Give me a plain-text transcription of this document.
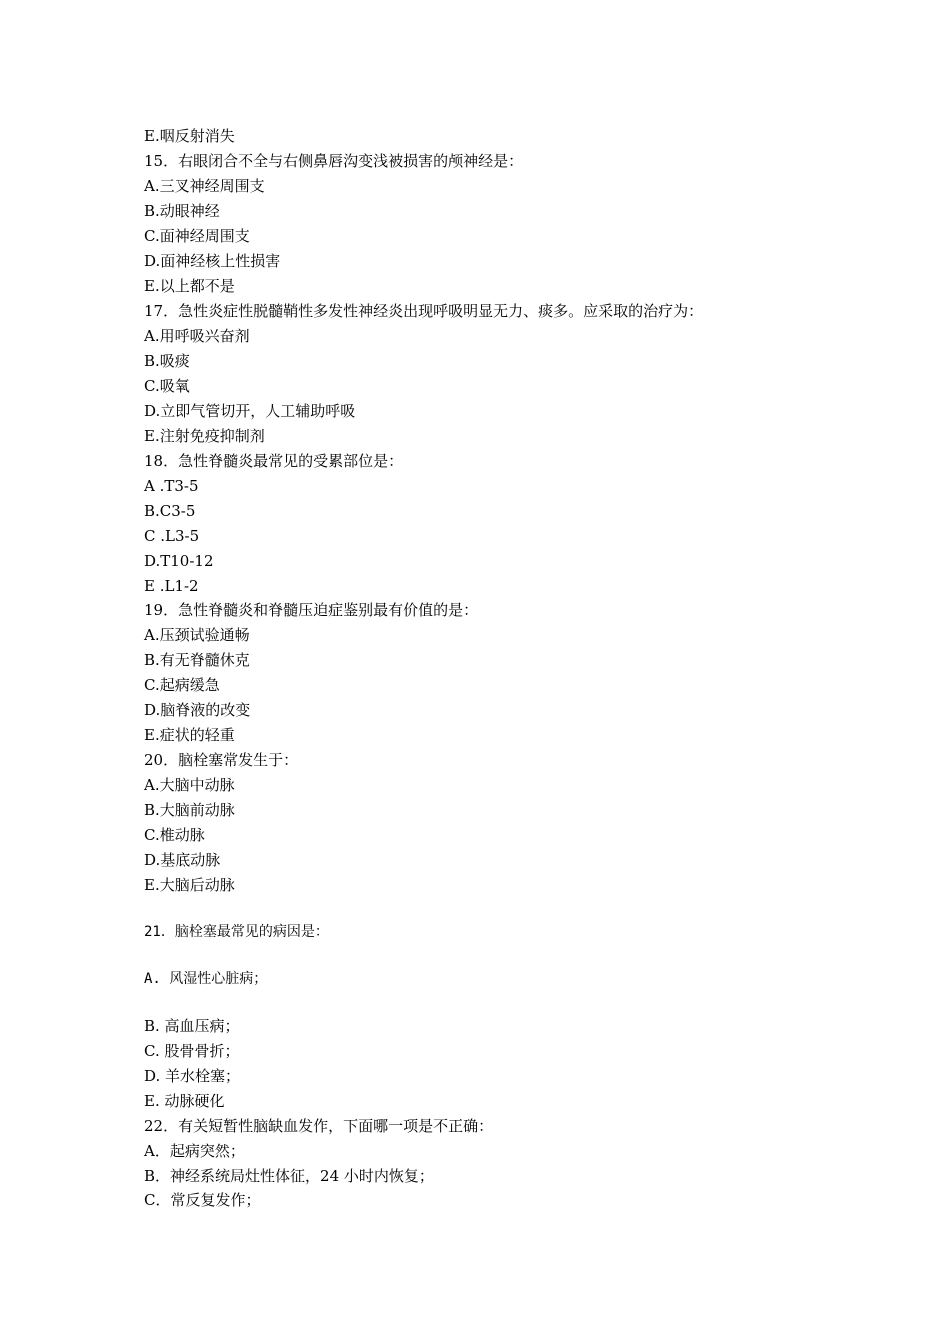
E.咽反射消失
15．右眼闭合不全与右侧鼻唇沟变浅被损害的颅神经是：
A.三叉神经周围支
B.动眼神经
C.面神经周围支
D.面神经核上性损害
E.以上都不是
17．急性炎症性脱髓鞘性多发性神经炎出现呼吸明显无力、痰多。应采取的治疗为：
A.用呼吸兴奋剂
B.吸痰
C.吸氧
D.立即气管切开，人工辅助呼吸
E.注射免疫抑制剂
18．急性脊髓炎最常见的受累部位是：
A .T3-5
B.C3-5
C .L3-5
D.T10-12
E .L1-2
19．急性脊髓炎和脊髓压迫症鉴别最有价值的是：
A.压颈试验通畅
B.有无脊髓休克
C.起病缓急
D.脑脊液的改变
E.症状的轻重
20．脑栓塞常发生于：
A.大脑中动脉
B.大脑前动脉
C.椎动脉
D.基底动脉
E.大脑后动脉
21．脑栓塞最常见的病因是：
A. 风湿性心脏病；
B. 高血压病；
C. 股骨骨折；
D. 羊水栓塞；
E. 动脉硬化
22．有关短暂性脑缺血发作，下面哪一项是不正确：
A．起病突然；
B．神经系统局灶性体征，24 小时内恢复；
C．常反复发作；
